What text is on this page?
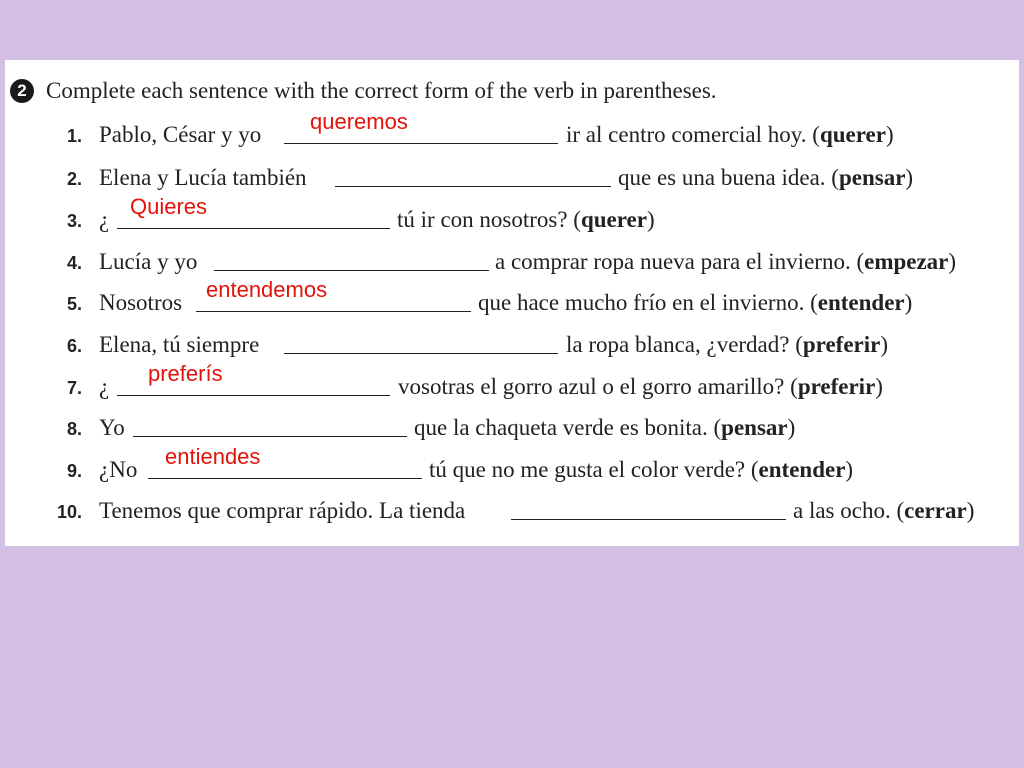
2 Complete each sentence with the correct form of the verb in parentheses.
1. Pablo, César y yo	ir al centro comercial hoy. (querer)
queremos
2. Elena y Lucía también	que es una buena idea. (pensar)
3. ¿	tú ir con nosotros? (querer)
Quieres
4. Lucía y yo	a comprar ropa nueva para el invierno. (empezar)
5. Nosotros	que hace mucho frío en el invierno. (entender)
entendemos
6. Elena, tú siempre	la ropa blanca, ¿verdad? (preferir)
7. ¿	vosotras el gorro azul o el gorro amarillo? (preferir)
preferís
8. Yo	que la chaqueta verde es bonita. (pensar)
9. ¿No	tú que no me gusta el color verde? (entender)
entiendes
10. Tenemos que comprar rápido. La tienda	a las ocho. (cerrar)
